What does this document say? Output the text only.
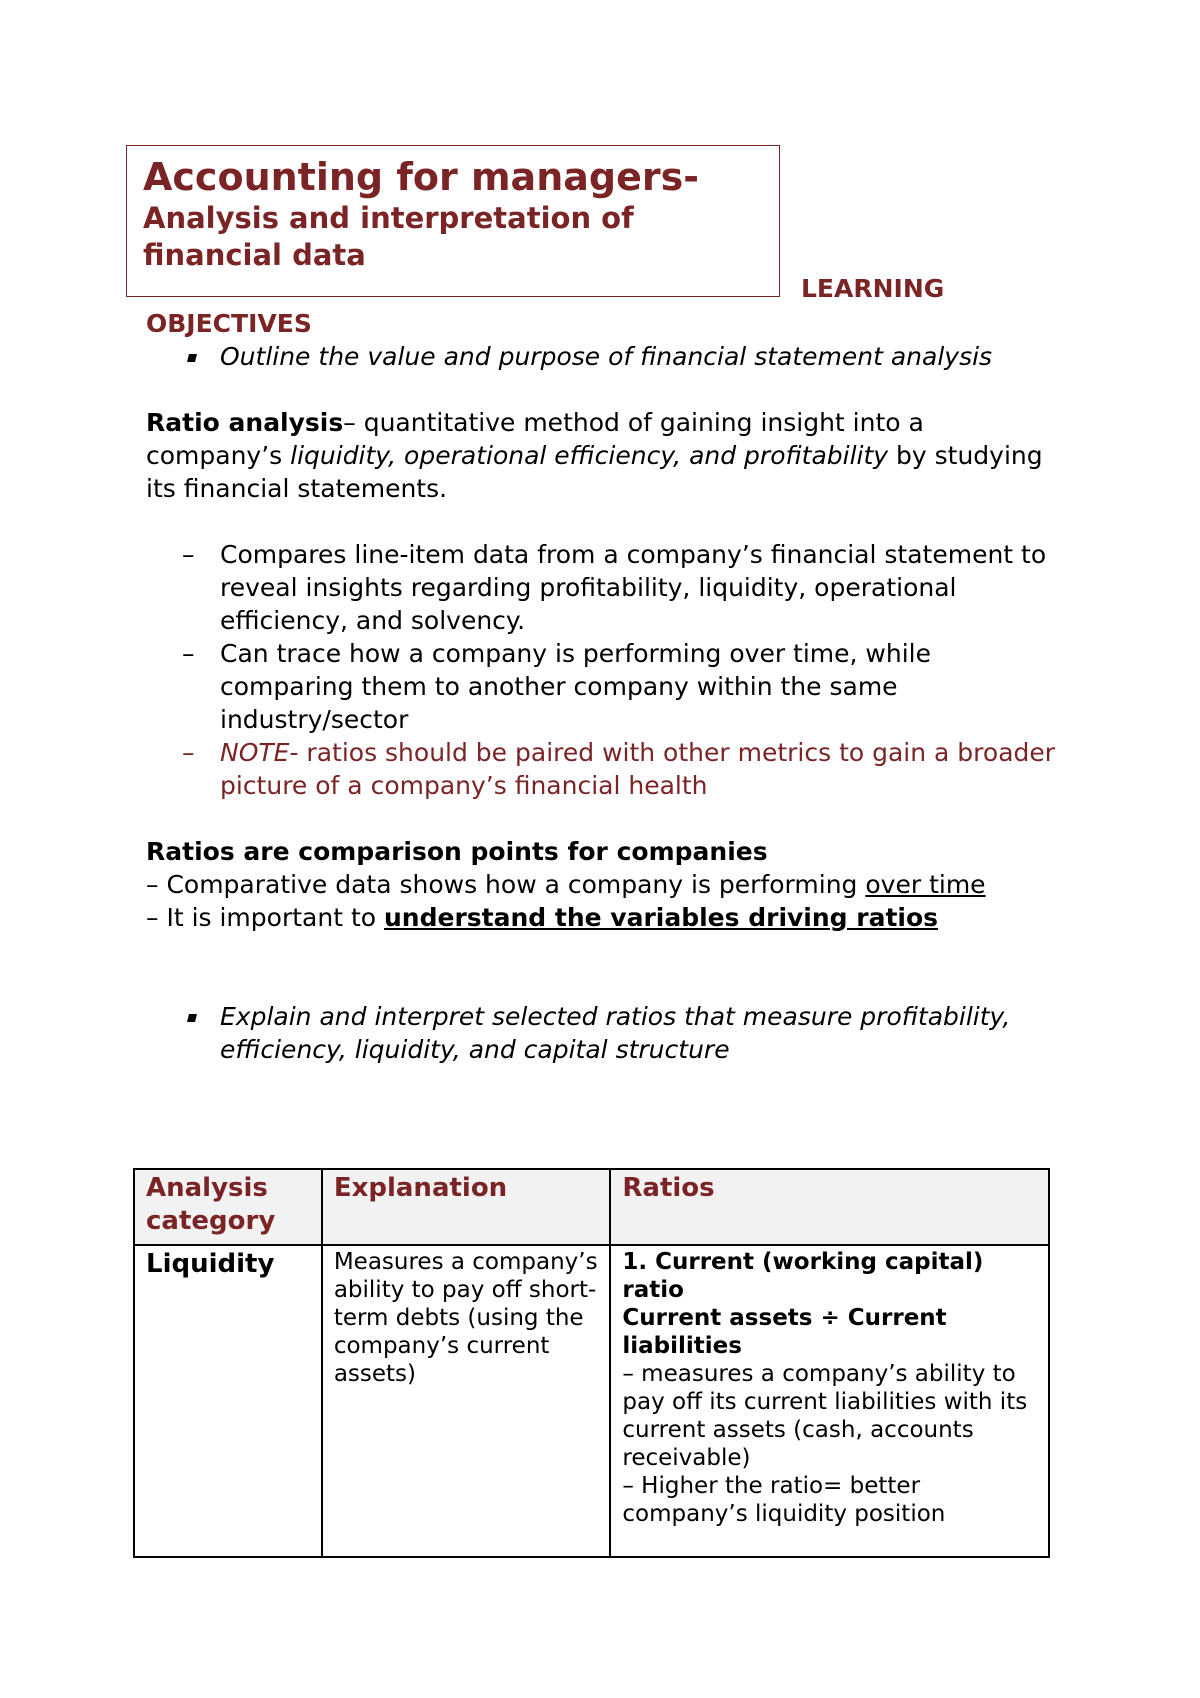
Accounting for managers-

Analysis and interpretation of financial data

LEARNING

OBJECTIVES

Outline the value and purpose of financial statement analysis

Ratio analysis– quantitative method of gaining insight into a company’s liquidity, operational efficiency, and profitability by studying its financial statements.

– Compares line-item data from a company’s financial statement to reveal insights regarding profitability, liquidity, operational efficiency, and solvency.
– Can trace how a company is performing over time, while comparing them to another company within the same industry/sector
– NOTE- ratios should be paired with other metrics to gain a broader picture of a company’s financial health

Ratios are comparison points for companies

– Comparative data shows how a company is performing over time

– It is important to understand the variables driving ratios

Explain and interpret selected ratios that measure profitability, efficiency, liquidity, and capital structure
Analysis category	Explanation	Ratios
Liquidity	Measures a company’s ability to pay off short-term debts (using the company’s current assets)	1. Current (working capital) ratio
Current assets ÷ Current liabilities
– measures a company’s ability to pay off its current liabilities with its current assets (cash, accounts receivable)
– Higher the ratio= better company’s liquidity position
